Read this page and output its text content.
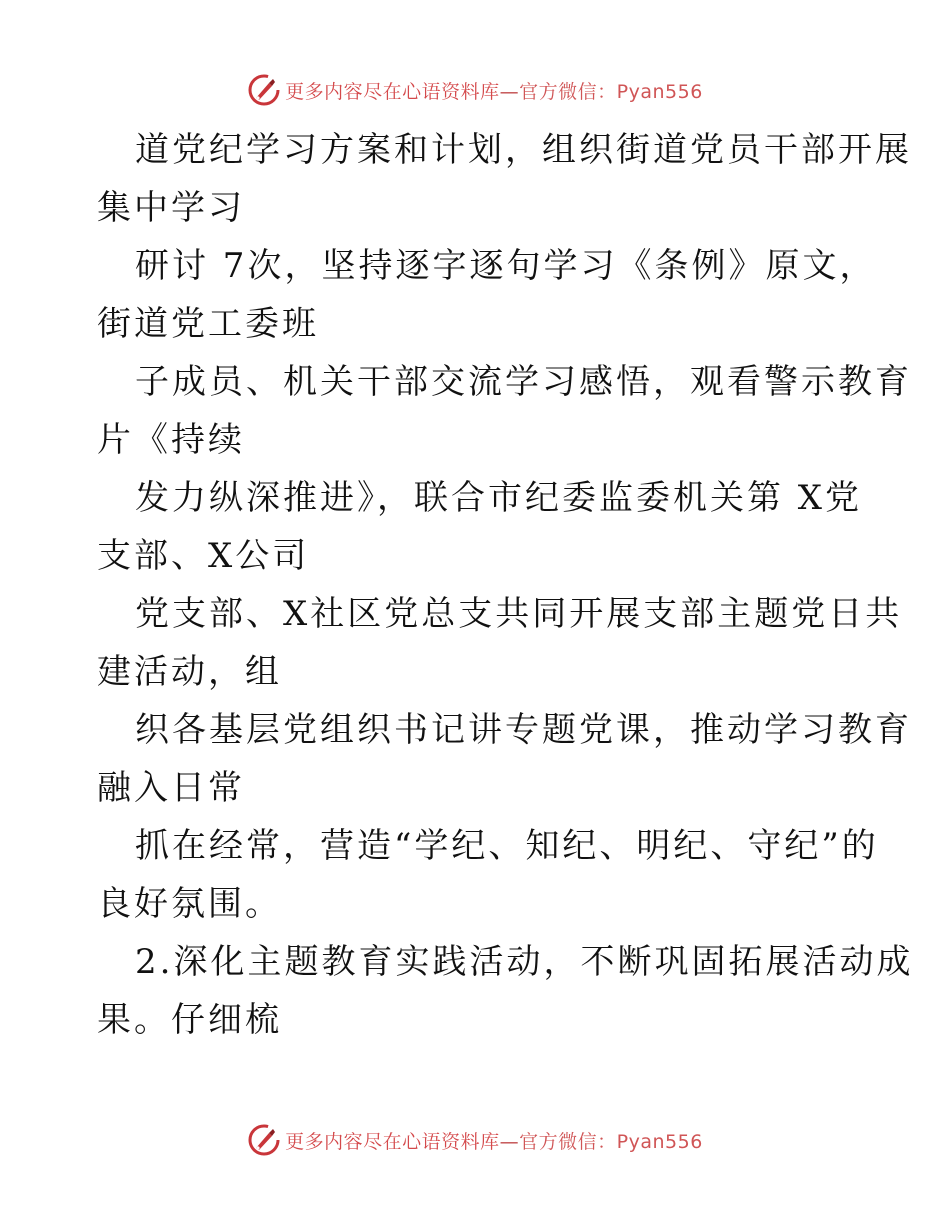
更多内容尽在心语资料库—官方微信：Pyan556
道党纪学习方案和计划，组织街道党员干部开展
集中学习
研讨 7次，坚持逐字逐句学习《条例》原文，
街道党工委班
子成员、机关干部交流学习感悟，观看警示教育
片《持续
发力纵深推进》，联合市纪委监委机关第 X党
支部、X公司
党支部、X社区党总支共同开展支部主题党日共
建活动，组
织各基层党组织书记讲专题党课，推动学习教育
融入日常
抓在经常，营造“学纪、知纪、明纪、守纪”的
良好氛围。
2.深化主题教育实践活动，不断巩固拓展活动成
果。仔细梳
更多内容尽在心语资料库—官方微信：Pyan556
